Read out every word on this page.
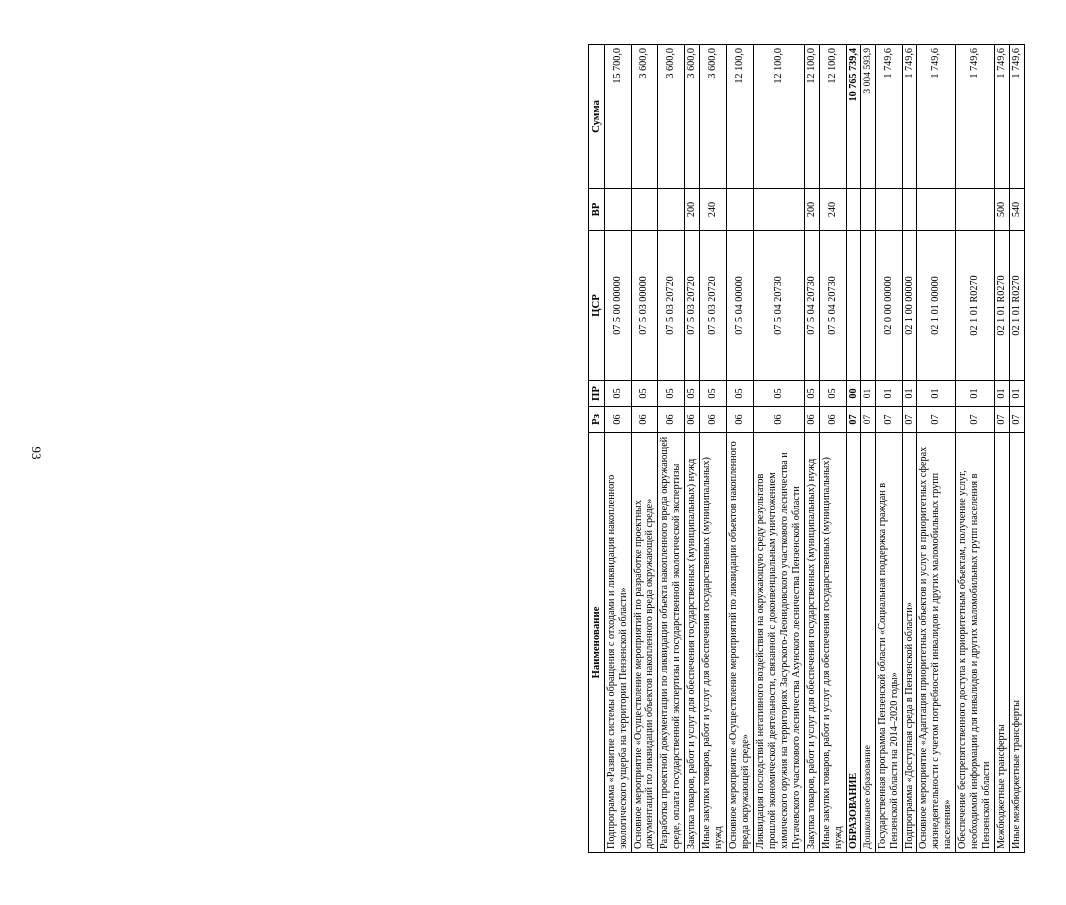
93
Наименование	Рз	ПР	ЦСР	ВР	Сумма
Подпрограмма «Развитие системы обращения с отходами и ликвидация накопленного экологического ущерба на территории Пензенской области»	06	05	07 5 00 00000		15 700,0
Основное мероприятие «Осуществление мероприятий по разработке проектных документаций по ликвидации объектов накопленного вреда окружающей среде»	06	05	07 5 03 00000		3 600,0
Разработка проектной документации по ликвидации объекта накопленного вреда окружающей среде, оплата государственной экспертизы и государственной экологической экспертизы	06	05	07 5 03 20720		3 600,0
Закупка товаров, работ и услуг для обеспечения государственных (муниципальных) нужд	06	05	07 5 03 20720	200	3 600,0
Иные закупки товаров, работ и услуг для обеспечения государственных (муниципальных) нужд	06	05	07 5 03 20720	240	3 600,0
Основное мероприятие «Осуществление мероприятий по ликвидации объектов накопленного вреда окружающей среде»	06	05	07 5 04 00000		12 100,0
Ликвидация последствий негативного воздействия на окружающую среду результатов прошлой экономической деятельности, связанной с доконвенциальным уничтожением химического оружия на территориях Засурского-Леонидовского участкового лесничества и Пугачевского участкового лесничества Ахунского лесничества Пензенской области	06	05	07 5 04 20730		12 100,0
Закупка товаров, работ и услуг для обеспечения государственных (муниципальных) нужд	06	05	07 5 04 20730	200	12 100,0
Иные закупки товаров, работ и услуг для обеспечения государственных (муниципальных) нужд	06	05	07 5 04 20730	240	12 100,0
ОБРАЗОВАНИЕ	07	00			10 765 739,4
Дошкольное образование	07	01			3 004 593,9
Государственная программа Пензенской области «Социальная поддержка граждан в Пензенской области на 2014–2020 годы»	07	01	02 0 00 00000		1 749,6
Подпрограмма «Доступная среда в Пензенской области»	07	01	02 1 00 00000		1 749,6
Основное мероприятие «Адаптация приоритетных объектов и услуг в приоритетных сферах жизнедеятельности с учетом потребностей инвалидов и других маломобильных групп населения»	07	01	02 1 01 00000		1 749,6
Обеспечение беспрепятственного доступа к приоритетным объектам, получение услуг, необходимой информации для инвалидов и других маломобильных групп населения в Пензенской области	07	01	02 1 01 R0270		1 749,6
Межбюджетные трансферты	07	01	02 1 01 R0270	500	1 749,6
Иные межбюджетные трансферты	07	01	02 1 01 R0270	540	1 749,6
